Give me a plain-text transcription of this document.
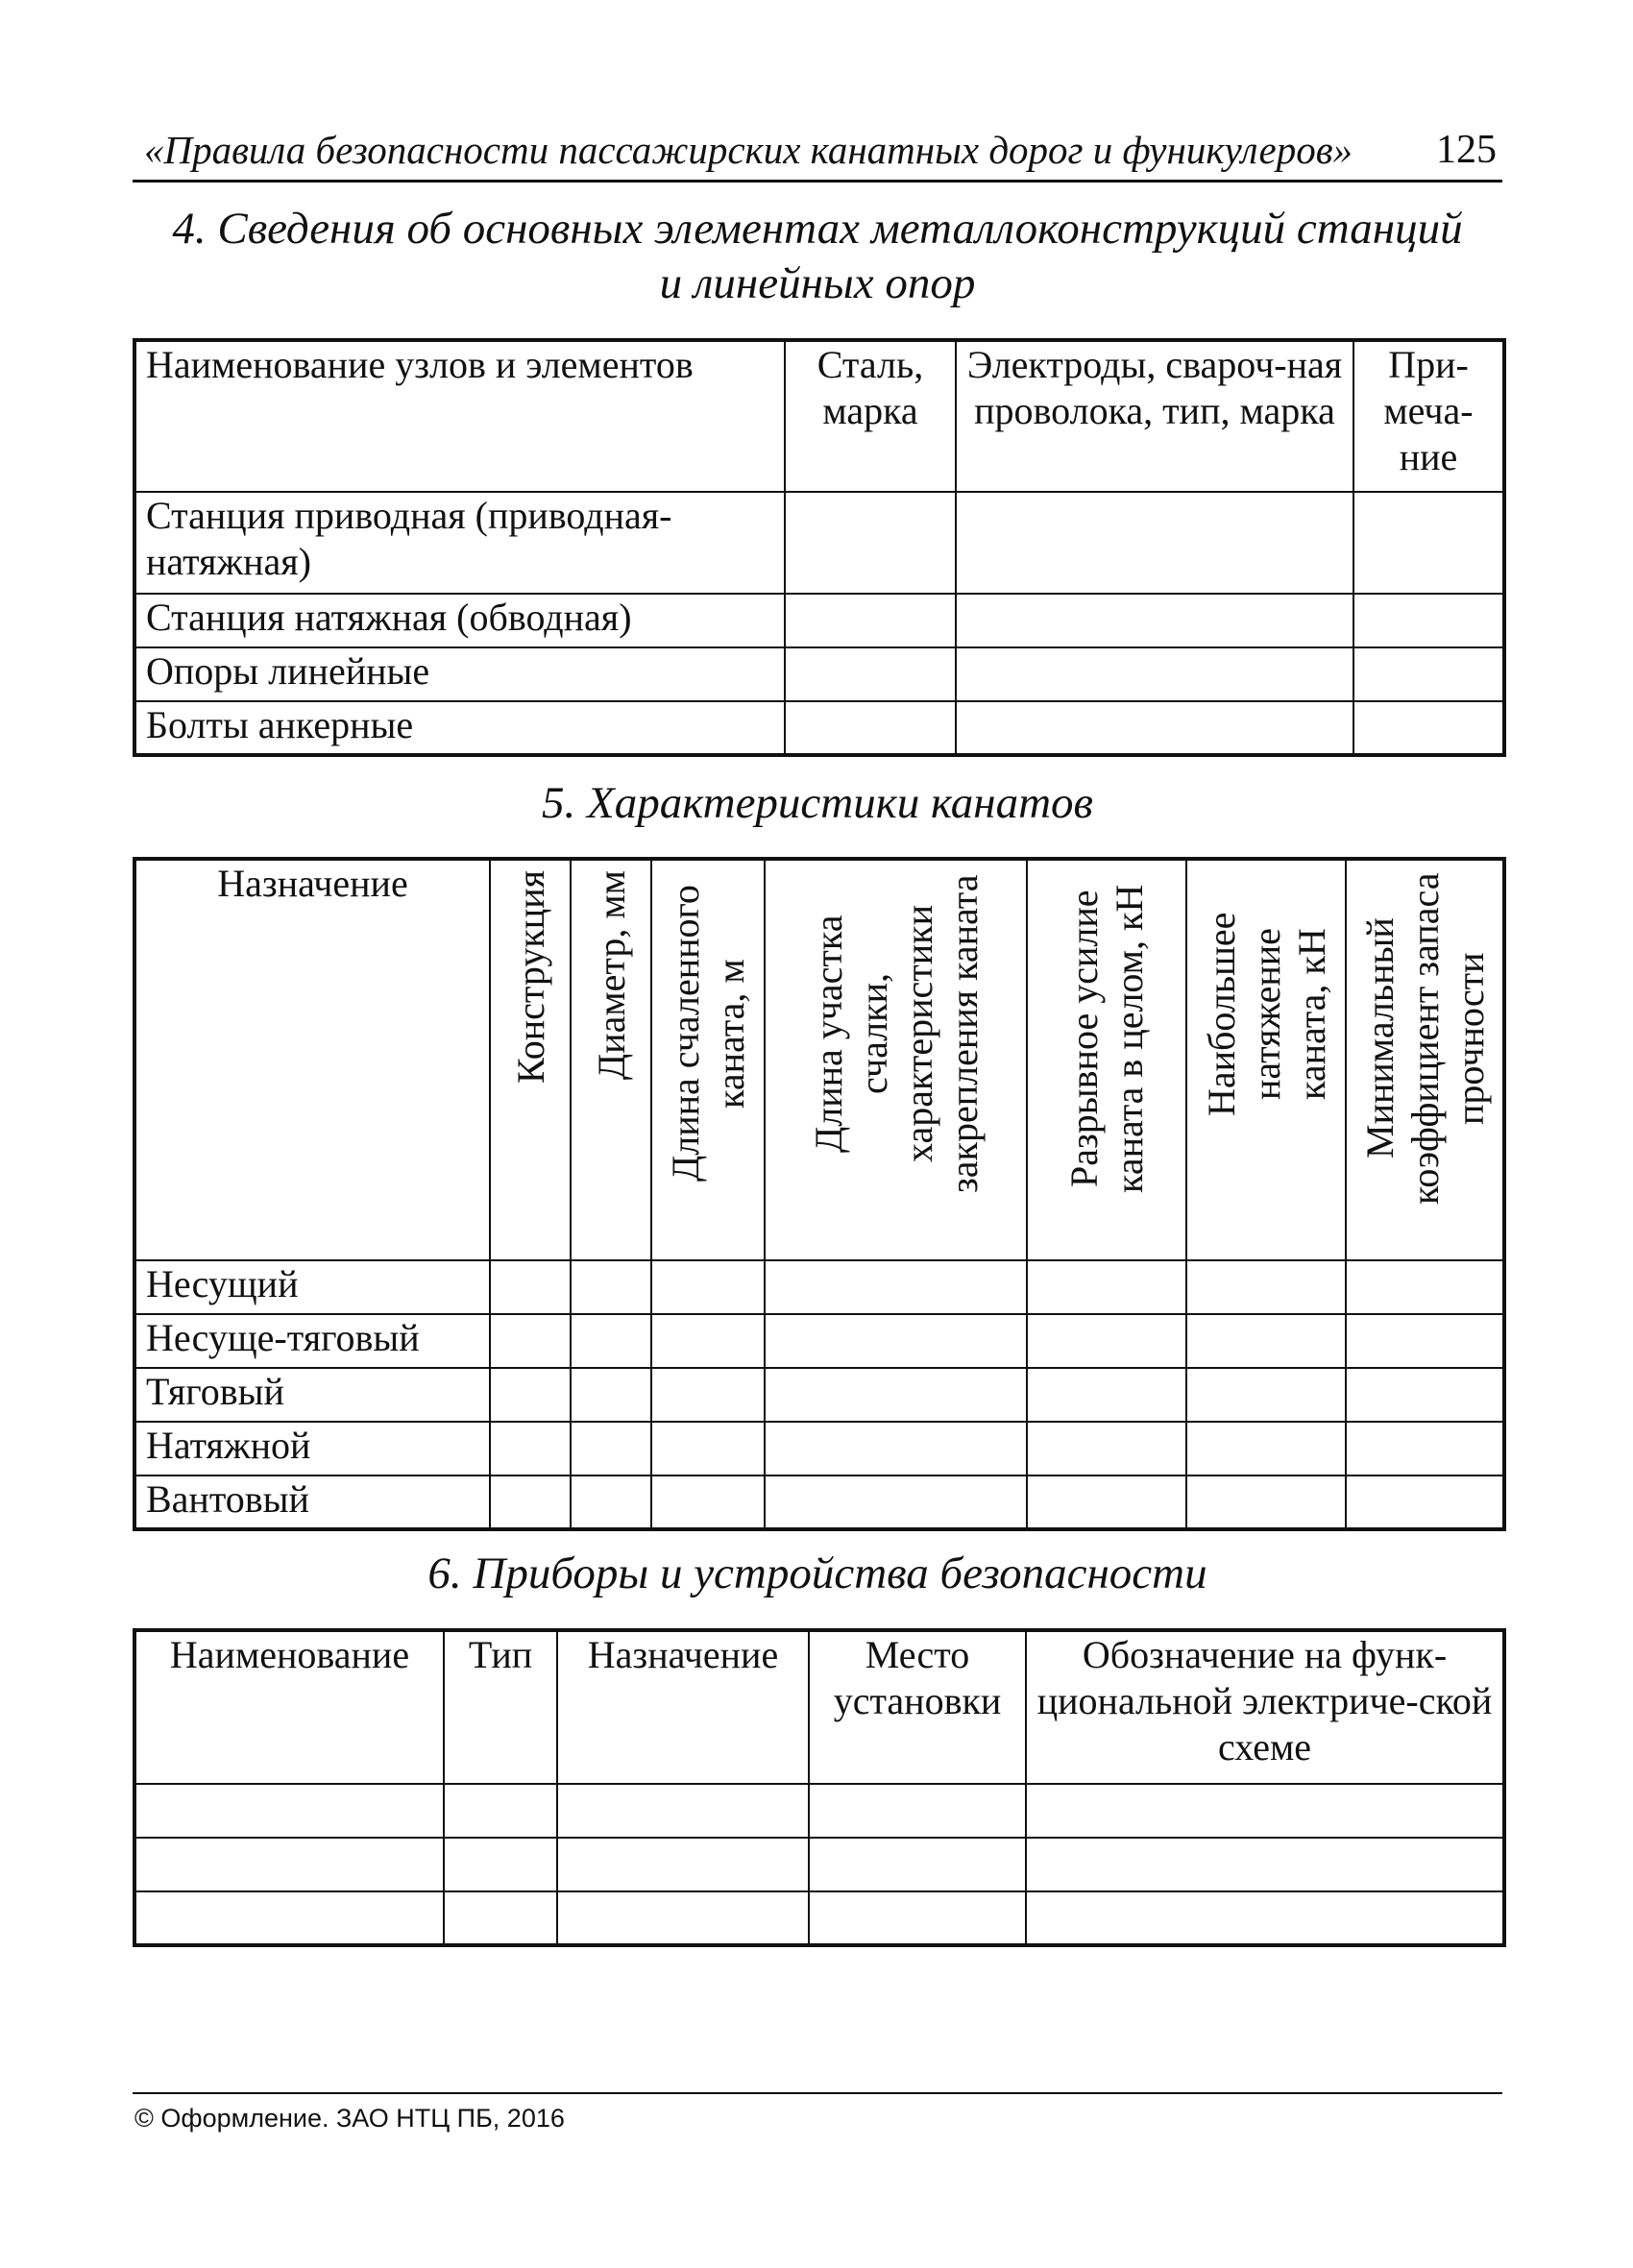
«Правила безопасности пассажирских канатных дорог и фуникулеров» 125
4. Сведения об основных элементах металлоконструкций станций
и линейных опор
Наименование узлов и элементов	Сталь, марка	Электроды, свароч-ная проволока, тип, марка	При-меча-ние
Станция приводная (приводная-натяжная)			
Станция натяжная (обводная)			
Опоры линейные			
Болты анкерные			
5. Характеристики канатов
Назначение	Конструкция	Диаметр, мм	Длина счаленного каната, м	Длина участка счалки, характеристики закрепления каната	Разрывное усилие каната в целом, кН	Наибольшее натяжение каната, кН	Минимальный коэффициент запаса прочности

Несущий							
Несуще-тяговый							
Тяговый							
Натяжной							
Вантовый							
6. Приборы и устройства безопасности
Наименование	Тип	Назначение	Место установки	Обозначение на функ-циональной электриче-ской схеме

© Оформление. ЗАО НТЦ ПБ, 2016
